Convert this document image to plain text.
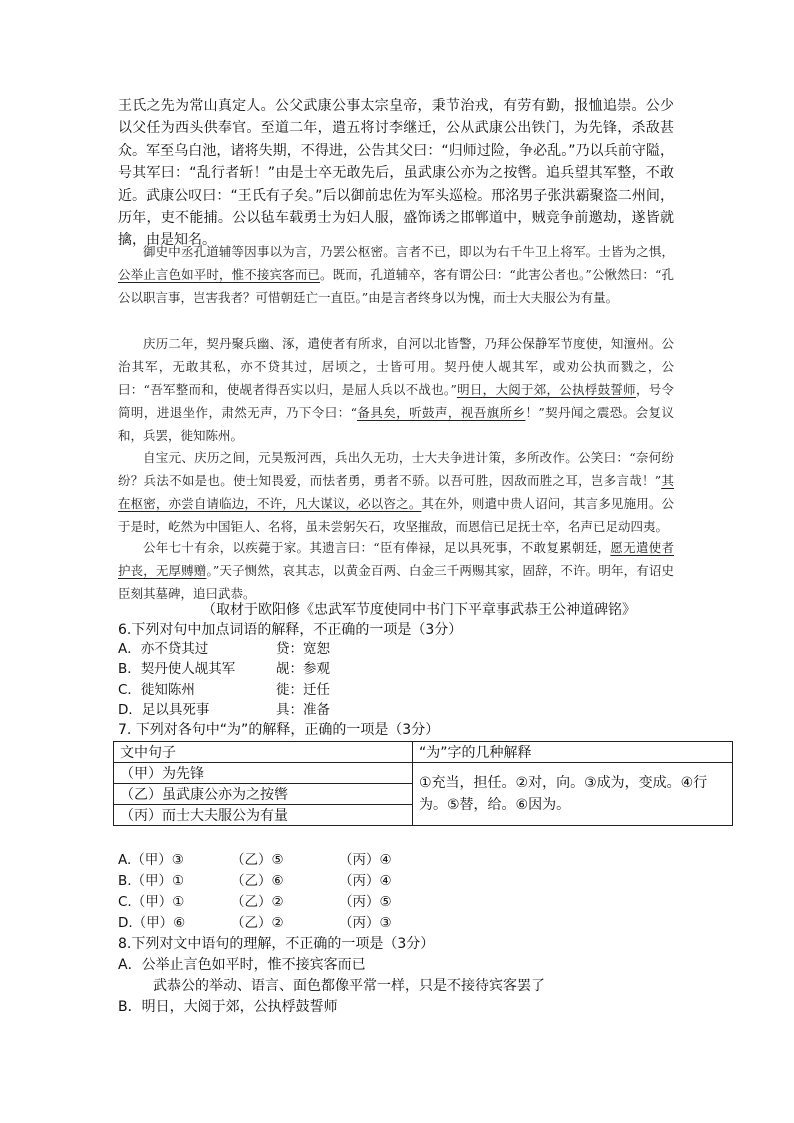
王氏之先为常山真定人。公父武康公事太宗皇帝，秉节治戎，有劳有勤，报恤追崇。公少以父任为西头供奉官。至道二年，遣五将讨李继迁，公从武康公出铁门，为先锋，杀敌甚众。军至乌白池，诸将失期，不得进，公告其父曰：“归师过险，争必乱。”乃以兵前守隘，号其军曰：“乱行者斩！”由是士卒无敢先后，虽武康公亦为之按辔。追兵望其军整，不敢近。武康公叹曰：“王氏有子矣。”后以御前忠佐为军头巡检。邢洺男子张洪霸聚盗二州间，历年，吏不能捕。公以毡车载勇士为妇人服，盛饰诱之邯郸道中，贼竞争前邀劫，遂皆就擒，由是知名。

御史中丞孔道辅等因事以为言，乃罢公枢密。言者不已，即以为右千牛卫上将军。士皆为之惧，公举止言色如平时，惟不接宾客而已。既而，孔道辅卒，客有谓公曰：“此害公者也。”公愀然曰：“孔公以职言事，岂害我者？可惜朝廷亡一直臣。”由是言者终身以为愧，而士大夫服公为有量。

庆历二年，契丹聚兵幽、涿，遣使者有所求，自河以北皆警，乃拜公保静军节度使，知澶州。公治其军，无敢其私，亦不贷其过，居顷之，士皆可用。契丹使人觇其军，或劝公执而戮之，公曰：“吾军整而和，使觇者得吾实以归，是屈人兵以不战也。”明日，大阅于郊，公执桴鼓誓师，号令简明，进退坐作，肃然无声，乃下令曰：“备具矣，听鼓声，视吾旗所乡！”契丹闻之震恐。会复议和，兵罢，徙知陈州。

自宝元、庆历之间，元昊叛河西，兵出久无功，士大夫争进计策，多所改作。公笑曰：“奈何纷纷？兵法不如是也。使士知畏爱，而怯者勇，勇者不骄。以吾可胜，因敌而胜之耳，岂多言哉！”其在枢密，亦尝自请临边，不许，凡大谋议，必以咨之。其在外，则遣中贵人诏问，其言多见施用。公于是时，屹然为中国钜人、名将，虽未尝躬矢石，攻坚摧敌，而恩信已足抚士卒，名声已足动四夷。

公年七十有余，以疾薨于家。其遗言曰：“臣有俸禄，足以具死事，不敢复累朝廷，愿无遣使者护丧，无厚赙赠。”天子恻然，哀其志，以黄金百两、白金三千两赐其家，固辞，不许。明年，有诏史臣刻其墓碑，追曰武恭。

（取材于欧阳修《忠武军节度使同中书门下平章事武恭王公神道碑铭》
6.下列对句中加点词语的解释，不正确的一项是（3分）
A．亦不贷其过	贷：宽恕
B．契丹使人觇其军	觇：参观
C．徙知陈州	徙：迁任
D．足以具死事	具：准备
7. 下列对各句中“为”的解释，正确的一项是（3分）
文中句子	“为”字的几种解释
（甲）为先锋	①充当，担任。②对，向。③成为，变成。④行为。⑤替，给。⑥因为。
（乙）虽武康公亦为之按辔	
（丙）而士大夫服公为有量	
A.（甲）③	（乙）⑤	（丙）④
B.（甲）①	（乙）⑥	（丙）④
C.（甲）①	（乙）②	（丙）⑤
D.（甲）⑥	（乙）②	（丙）③
8.下列对文中语句的理解，不正确的一项是（3分）
A．公举止言色如平时，惟不接宾客而已
武恭公的举动、语言、面色都像平常一样，只是不接待宾客罢了
B．明日，大阅于郊，公执桴鼓誓师
